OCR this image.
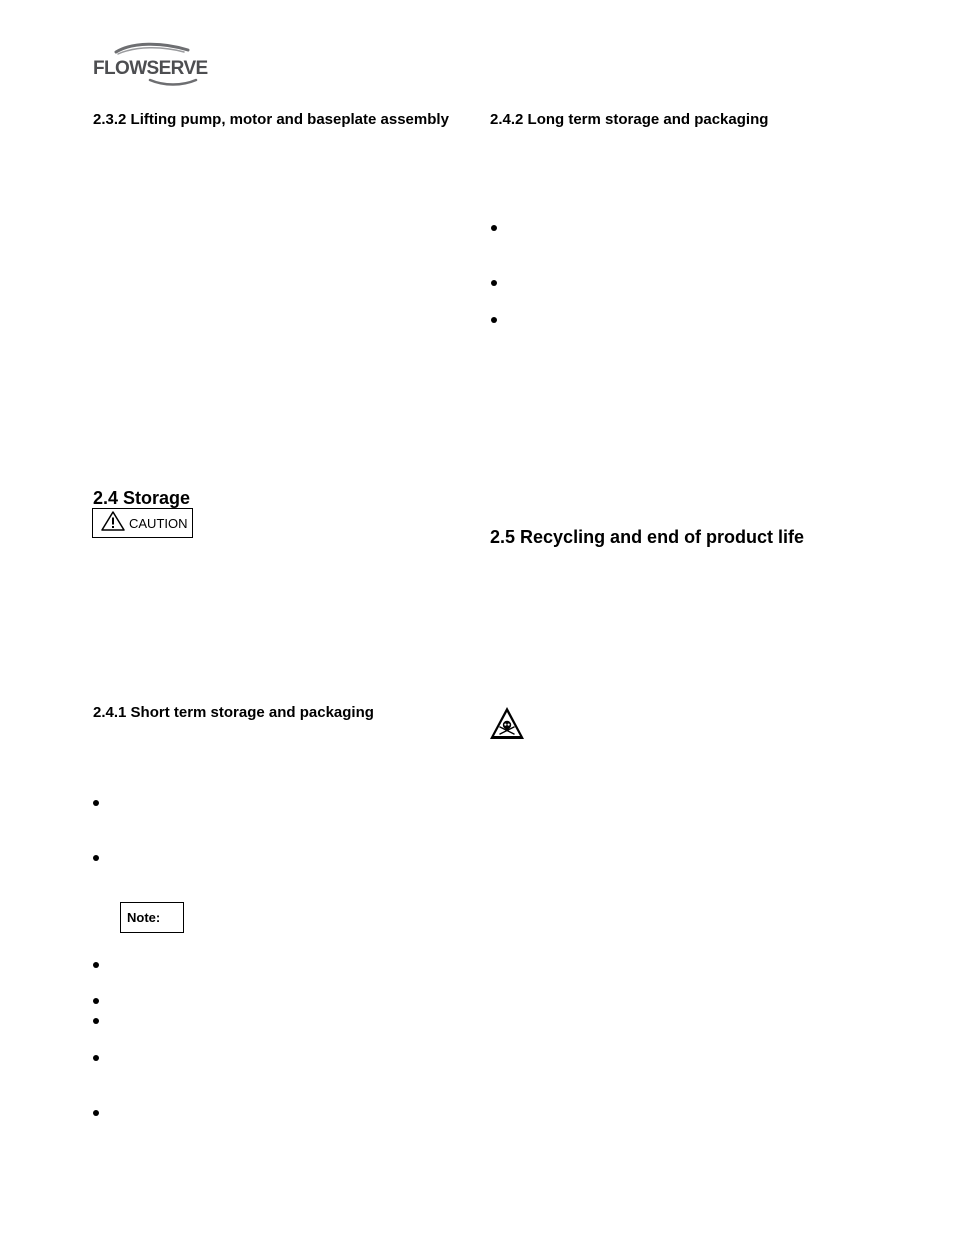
FLOWSERVE
2.3.2 Lifting pump, motor and baseplate assembly
2.4 Storage
CAUTION
2.4.1 Short term storage and packaging
Note:
2.4.2 Long term storage and packaging
2.5 Recycling and end of product life
